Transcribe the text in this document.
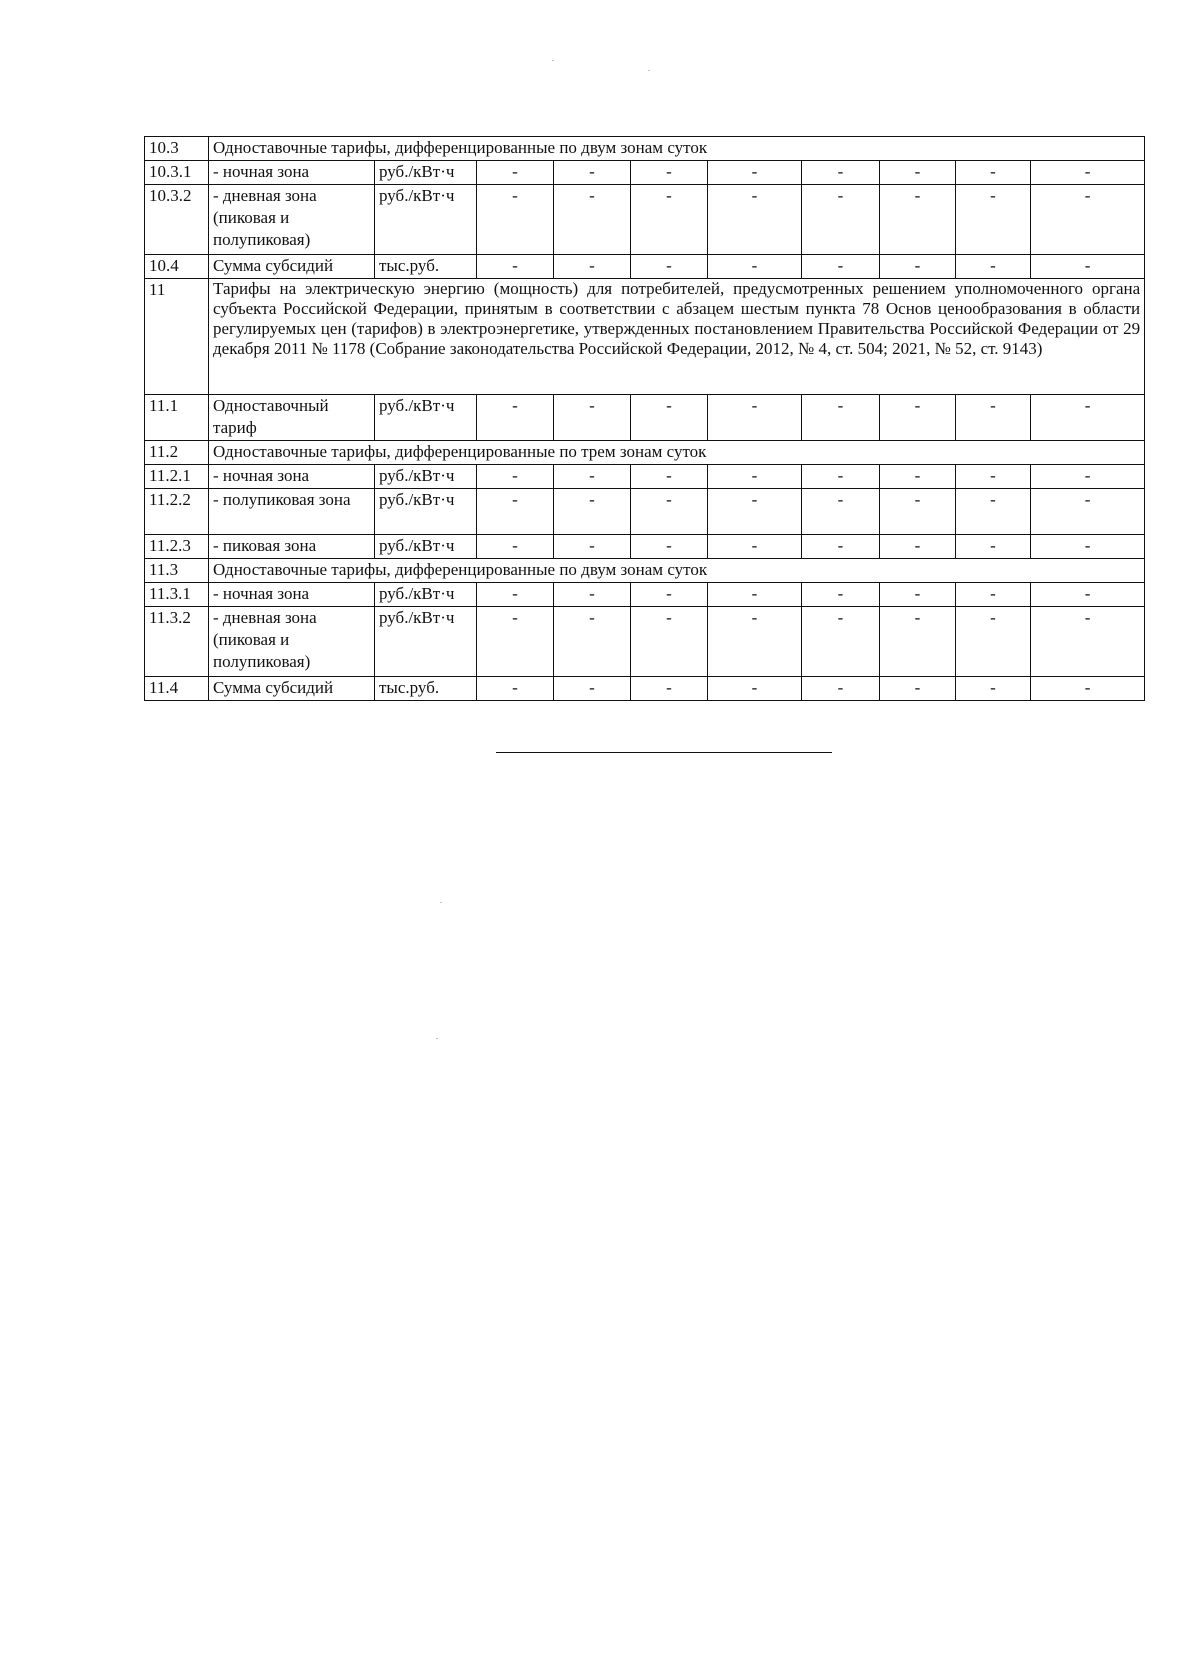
10.3	Одноставочные тарифы, дифференцированные по двум зонам суток									
10.3.1	- ночная зона	руб./кВт·ч	-	-	-	-	-	-	-	-
10.3.2	- дневная зона (пиковая и полупиковая)	руб./кВт·ч	-	-	-	-	-	-	-	-
10.4	Сумма субсидий	тыс.руб.	-	-	-	-	-	-	-	-
11	Тарифы на электрическую энергию (мощность) для потребителей, предусмотренных решением уполномоченного органа субъекта Российской Федерации, принятым в соответствии с абзацем шестым пункта 78 Основ ценообразования в области регулируемых цен (тарифов) в электроэнергетике, утвержденных постановлением Правительства Российской Федерации от 29 декабря 2011 № 1178 (Собрание законодательства Российской Федерации, 2012, № 4, ст. 504; 2021, № 52, ст. 9143)									
11.1	Одноставочный тариф	руб./кВт·ч	-	-	-	-	-	-	-	-
11.2	Одноставочные тарифы, дифференцированные по трем зонам суток									
11.2.1	- ночная зона	руб./кВт·ч	-	-	-	-	-	-	-	-
11.2.2	- полупиковая зона	руб./кВт·ч	-	-	-	-	-	-	-	-
11.2.3	- пиковая зона	руб./кВт·ч	-	-	-	-	-	-	-	-
11.3	Одноставочные тарифы, дифференцированные по двум зонам суток									
11.3.1	- ночная зона	руб./кВт·ч	-	-	-	-	-	-	-	-
11.3.2	- дневная зона (пиковая и полупиковая)	руб./кВт·ч	-	-	-	-	-	-	-	-
11.4	Сумма субсидий	тыс.руб.	-	-	-	-	-	-	-	-
